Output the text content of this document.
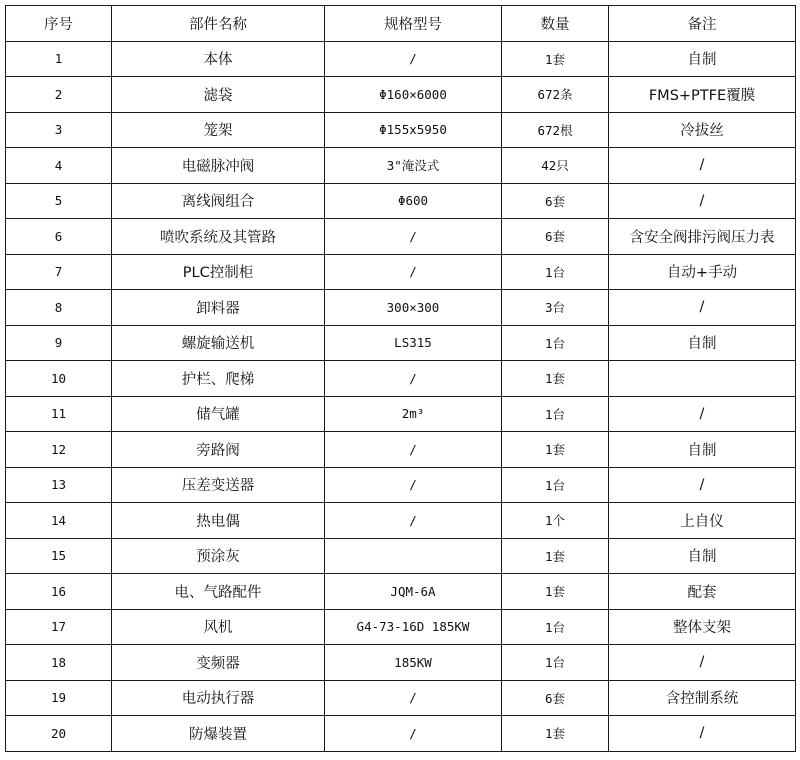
序号	部件名称	规格型号	数量	备注
1	本体	/	1套	自制
2	滤袋	Φ160×6000	672条	FMS+PTFE覆膜
3	笼架	Φ155x5950	672根	冷拔丝
4	电磁脉冲阀	3"淹没式	42只	/
5	离线阀组合	Φ600	6套	/
6	喷吹系统及其管路	/	6套	含安全阀排污阀压力表
7	PLC控制柜	/	1台	自动+手动
8	卸料器	300×300	3台	/
9	螺旋输送机	LS315	1台	自制
10	护栏、爬梯	/	1套	
11	储气罐	2m³	1台	/
12	旁路阀	/	1套	自制
13	压差变送器	/	1台	/
14	热电偶	/	1个	上自仪
15	预涂灰		1套	自制
16	电、气路配件	JQM-6A	1套	配套
17	风机	G4-73-16D 185KW	1台	整体支架
18	变频器	185KW	1台	/
19	电动执行器	/	6套	含控制系统
20	防爆装置	/	1套	/
